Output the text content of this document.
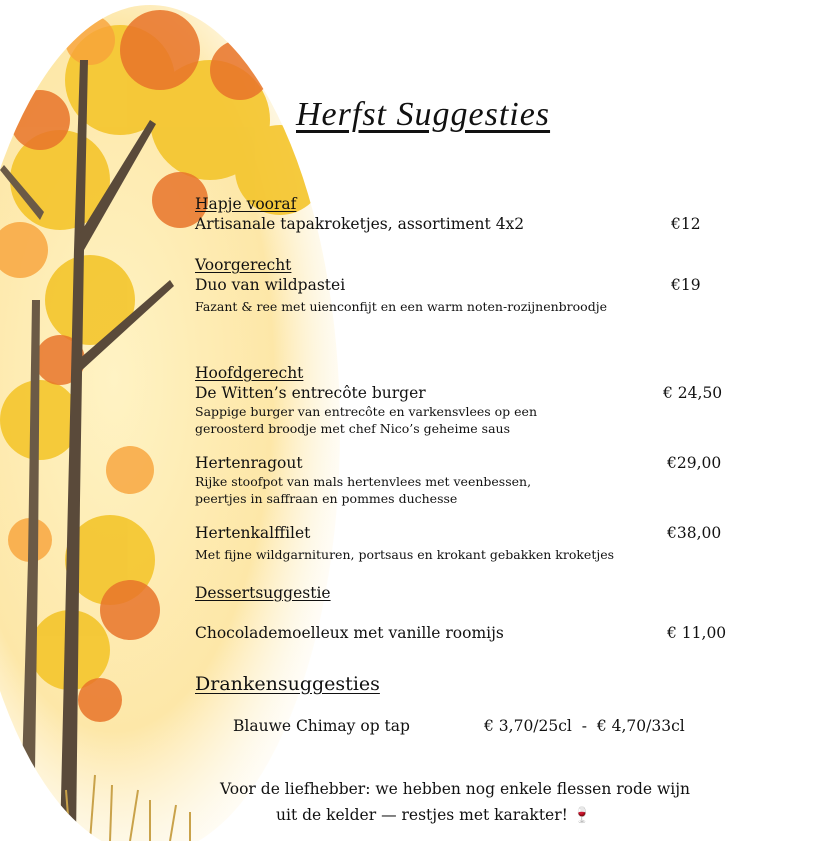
Herfst Suggesties
Hapje vooraf
Artisanale tapakroketjes, assortiment 4x2	€12
Voorgerecht
Duo van wildpastei	€19
Fazant & ree met uienconfijt en een warm noten-rozijnenbroodje
Hoofdgerecht
De Witten’s entrecôte burger	€ 24,50
Sappige burger van entrecôte en varkensvlees op een
geroosterd broodje met chef Nico’s geheime saus
Hertenragout	€29,00
Rijke stoofpot van mals hertenvlees met veenbessen,
peertjes in saffraan en pommes duchesse
Hertenkalffilet	€38,00
Met fijne wildgarnituren, portsaus en krokant gebakken kroketjes
Dessertsuggestie
Chocolademoelleux met vanille roomijs	€ 11,00
Drankensuggesties
Blauwe Chimay op tap	€ 3,70/25cl  -  € 4,70/33cl
Voor de liefhebber: we hebben nog enkele flessen rode wijn
uit de kelder — restjes met karakter! 🍷
